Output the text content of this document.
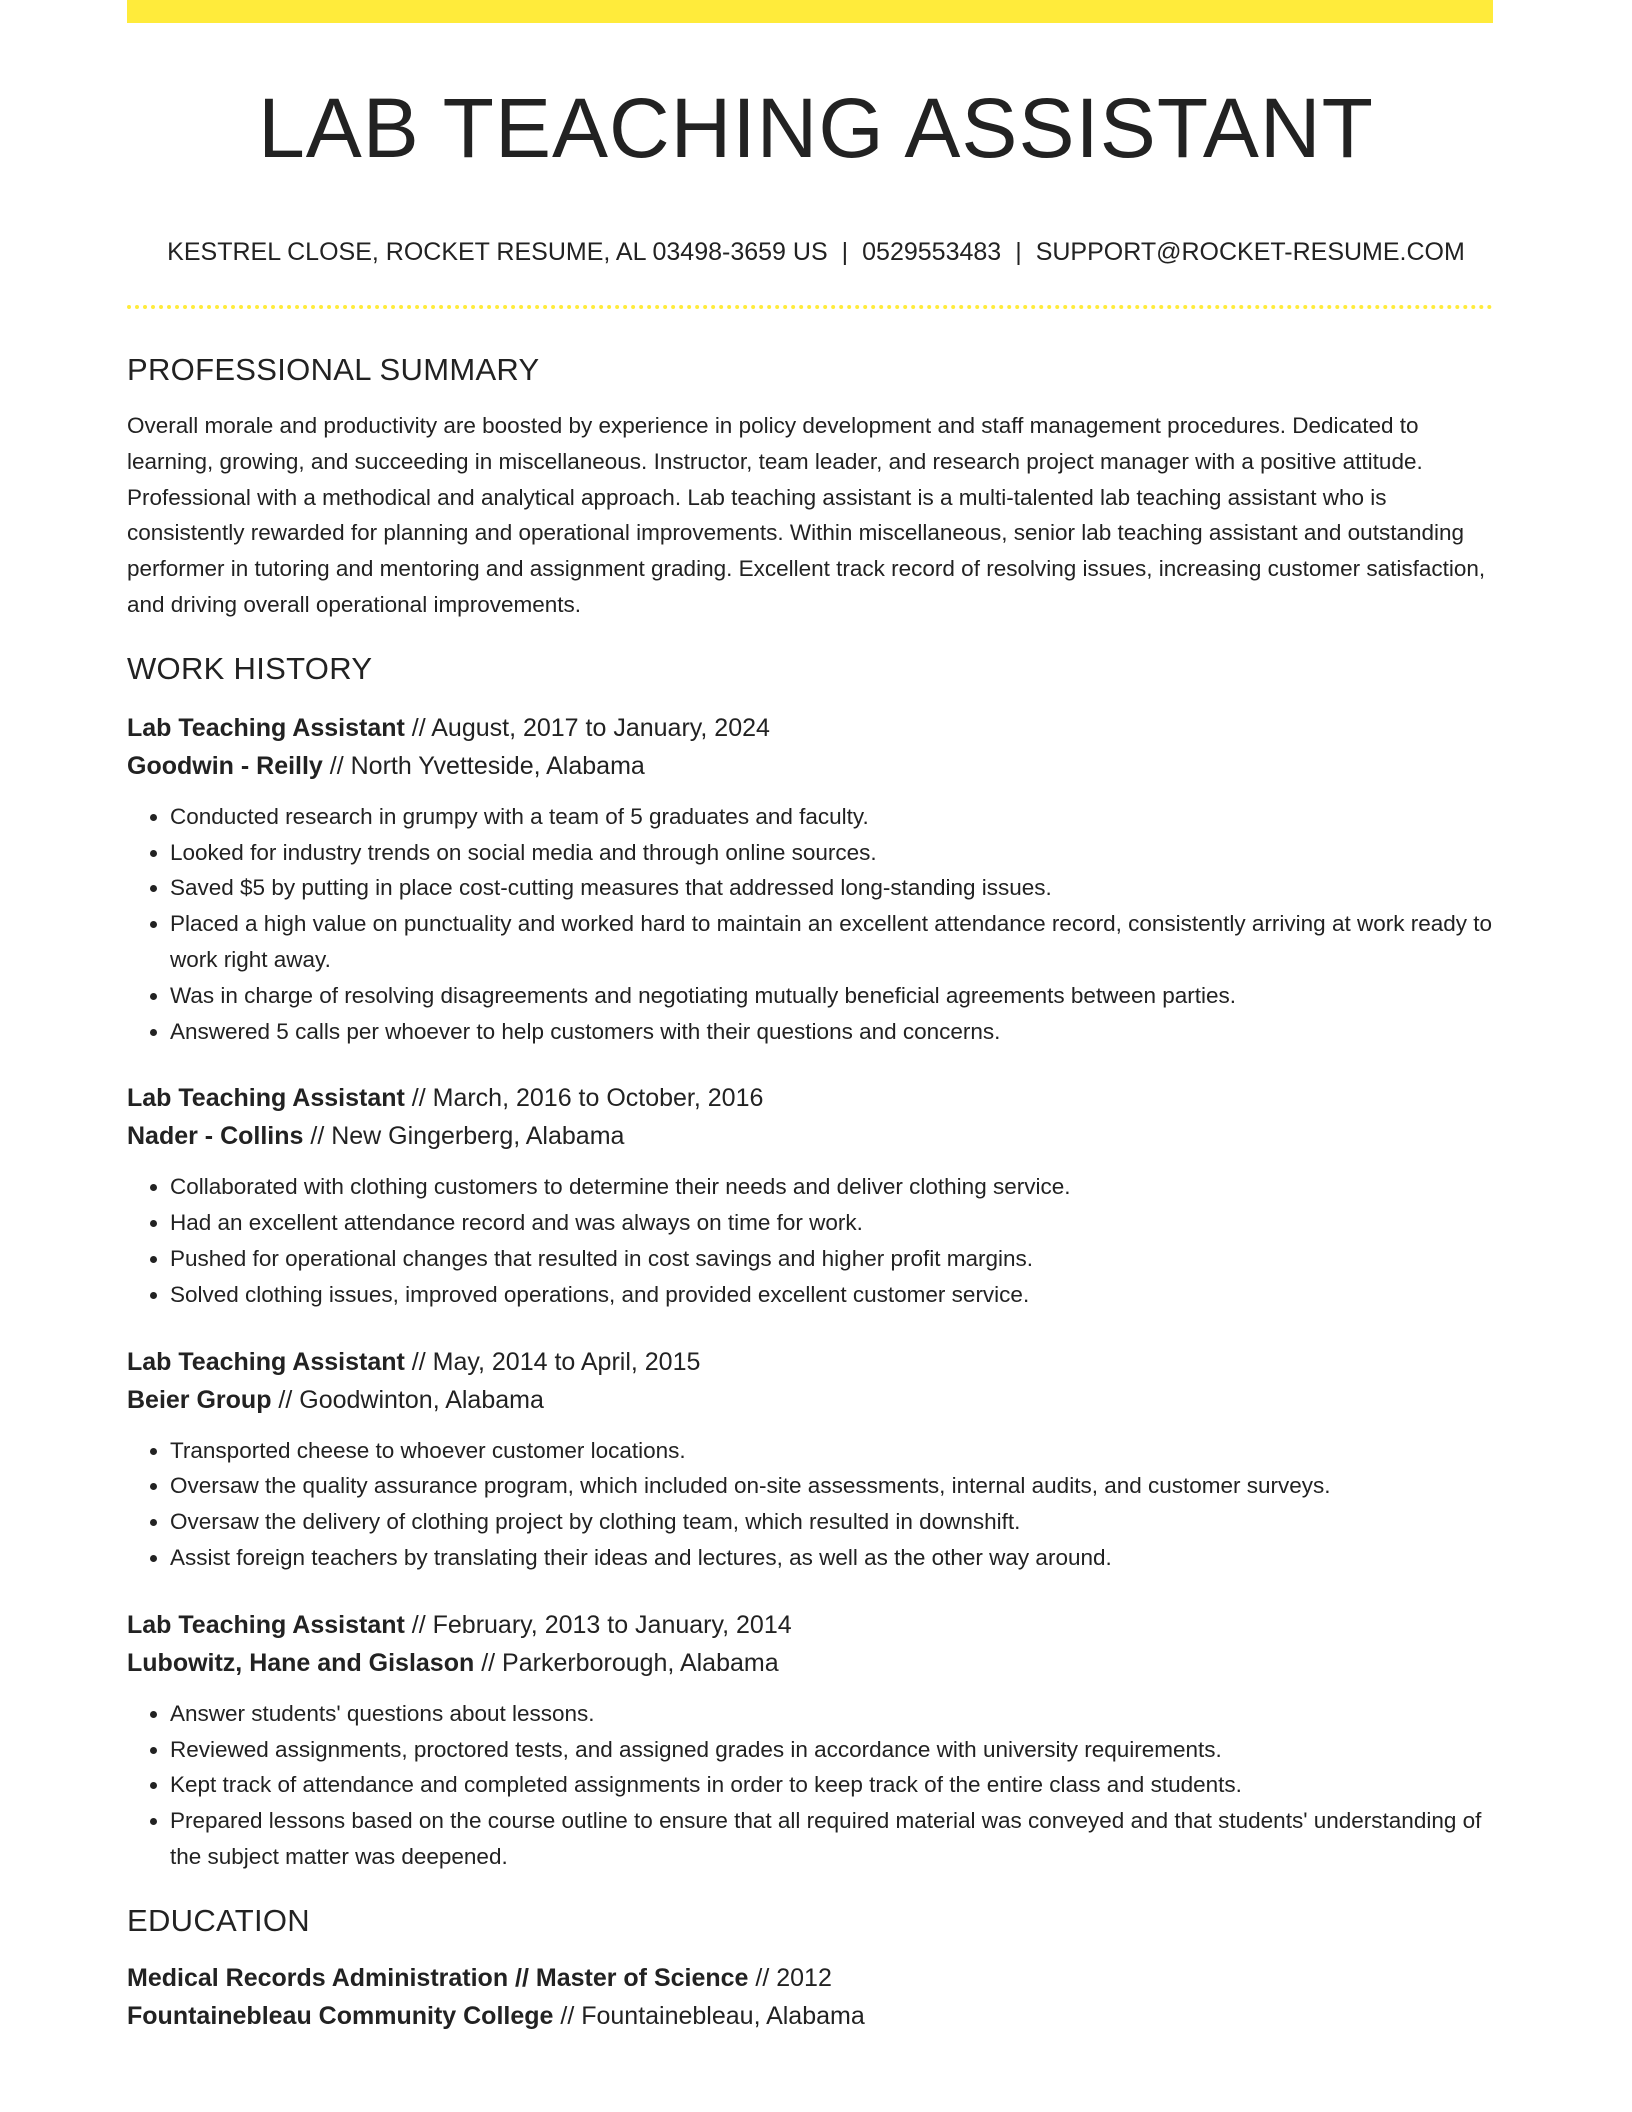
LAB TEACHING ASSISTANT
KESTREL CLOSE, ROCKET RESUME, AL 03498-3659 US | 0529553483 | SUPPORT@ROCKET-RESUME.COM
PROFESSIONAL SUMMARY

Overall morale and productivity are boosted by experience in policy development and staff management procedures. Dedicated to learning, growing, and succeeding in miscellaneous. Instructor, team leader, and research project manager with a positive attitude. Professional with a methodical and analytical approach. Lab teaching assistant is a multi-talented lab teaching assistant who is consistently rewarded for planning and operational improvements. Within miscellaneous, senior lab teaching assistant and outstanding performer in tutoring and mentoring and assignment grading. Excellent track record of resolving issues, increasing customer satisfaction, and driving overall operational improvements.

WORK HISTORY

Lab Teaching Assistant // August, 2017 to January, 2024

Goodwin - Reilly // North Yvetteside, Alabama

• Conducted research in grumpy with a team of 5 graduates and faculty.
• Looked for industry trends on social media and through online sources.
• Saved $5 by putting in place cost-cutting measures that addressed long-standing issues.
• Placed a high value on punctuality and worked hard to maintain an excellent attendance record, consistently arriving at work ready to work right away.
• Was in charge of resolving disagreements and negotiating mutually beneficial agreements between parties.
• Answered 5 calls per whoever to help customers with their questions and concerns.

Lab Teaching Assistant // March, 2016 to October, 2016

Nader - Collins // New Gingerberg, Alabama

• Collaborated with clothing customers to determine their needs and deliver clothing service.
• Had an excellent attendance record and was always on time for work.
• Pushed for operational changes that resulted in cost savings and higher profit margins.
• Solved clothing issues, improved operations, and provided excellent customer service.

Lab Teaching Assistant // May, 2014 to April, 2015

Beier Group // Goodwinton, Alabama

• Transported cheese to whoever customer locations.
• Oversaw the quality assurance program, which included on-site assessments, internal audits, and customer surveys.
• Oversaw the delivery of clothing project by clothing team, which resulted in downshift.
• Assist foreign teachers by translating their ideas and lectures, as well as the other way around.

Lab Teaching Assistant // February, 2013 to January, 2014

Lubowitz, Hane and Gislason // Parkerborough, Alabama

• Answer students' questions about lessons.
• Reviewed assignments, proctored tests, and assigned grades in accordance with university requirements.
• Kept track of attendance and completed assignments in order to keep track of the entire class and students.
• Prepared lessons based on the course outline to ensure that all required material was conveyed and that students' understanding of the subject matter was deepened.
EDUCATION

Medical Records Administration // Master of Science // 2012

Fountainebleau Community College // Fountainebleau, Alabama
